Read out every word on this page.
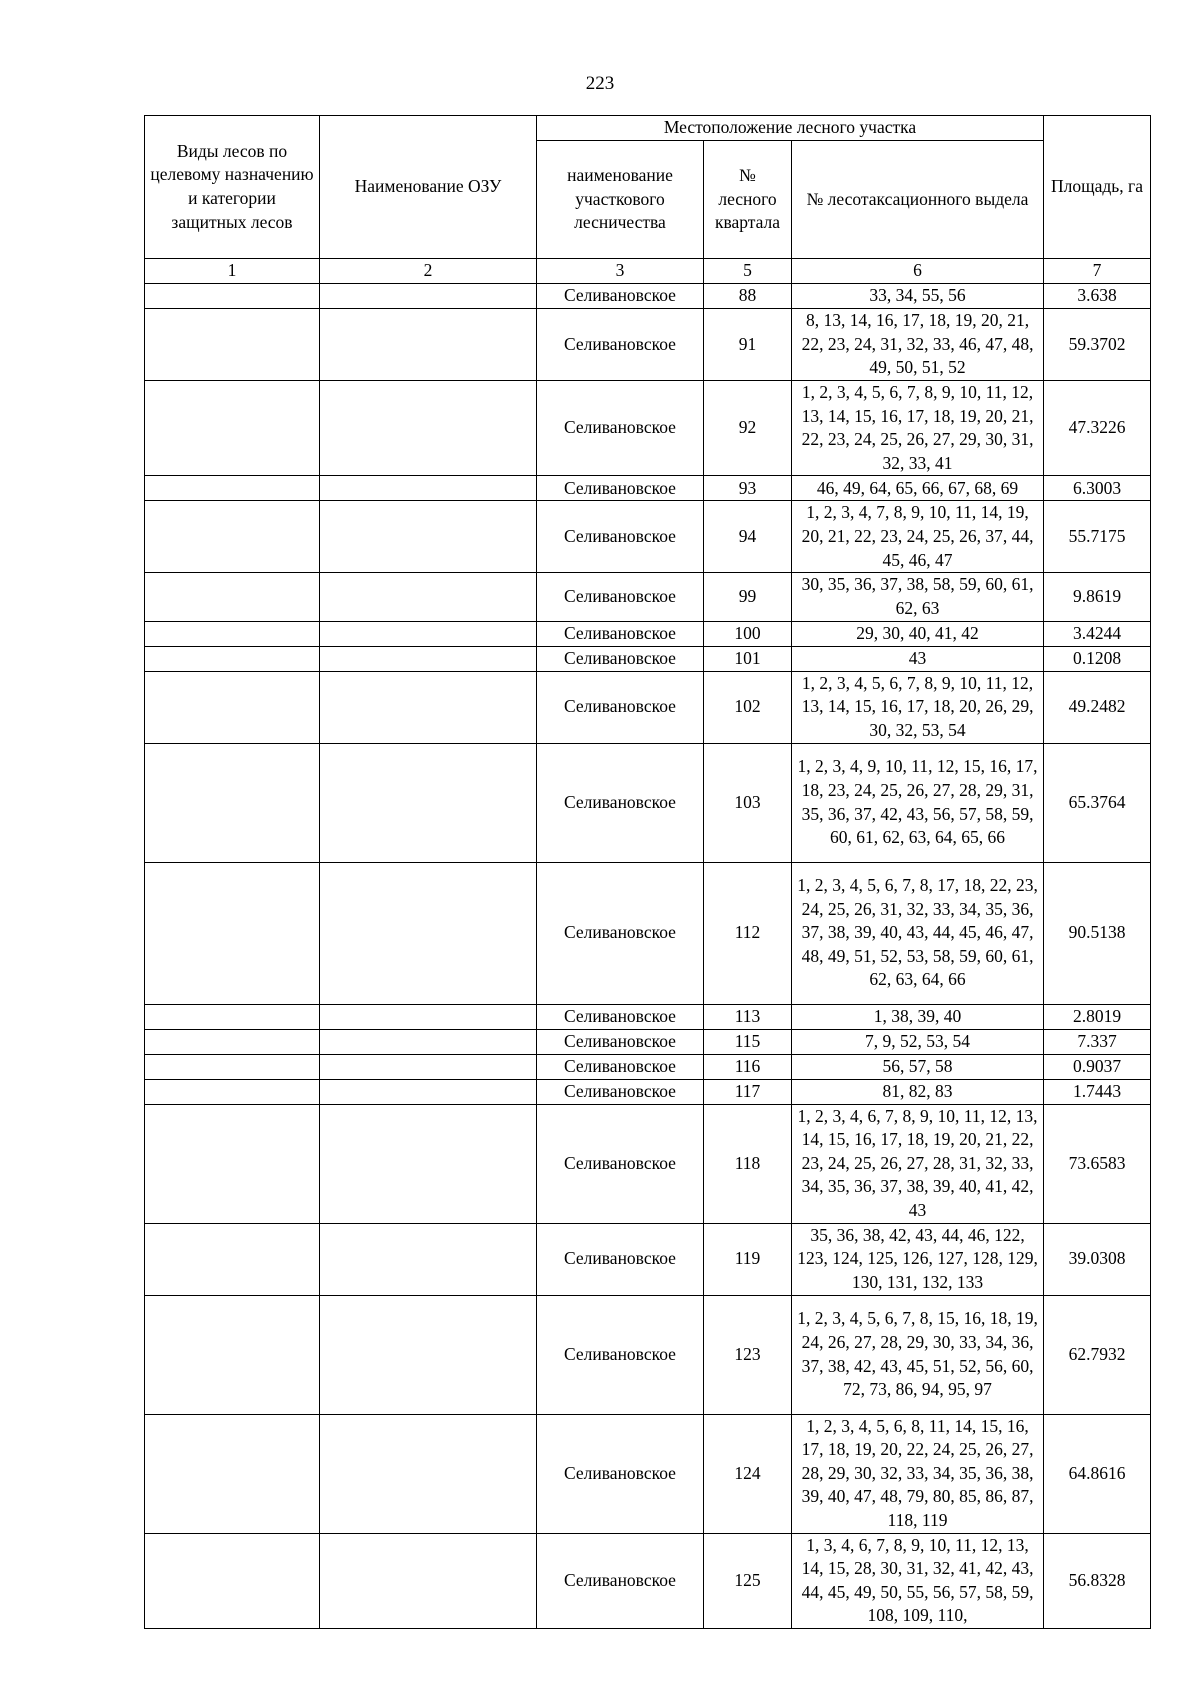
223
Виды лесов по целевому назначению и категории защитных лесов	Наименование ОЗУ	Местоположение лесного участка			Площадь, га
		наименование участкового лесничества	№ лесного квартала	№ лесотаксационного выдела	
1	2	3	5	6	7
		Селивановское	88	33, 34, 55, 56	3.638
		Селивановское	91	8, 13, 14, 16, 17, 18, 19, 20, 21, 22, 23, 24, 31, 32, 33, 46, 47, 48, 49, 50, 51, 52	59.3702
		Селивановское	92	1, 2, 3, 4, 5, 6, 7, 8, 9, 10, 11, 12, 13, 14, 15, 16, 17, 18, 19, 20, 21, 22, 23, 24, 25, 26, 27, 29, 30, 31, 32, 33, 41	47.3226
		Селивановское	93	46, 49, 64, 65, 66, 67, 68, 69	6.3003
		Селивановское	94	1, 2, 3, 4, 7, 8, 9, 10, 11, 14, 19, 20, 21, 22, 23, 24, 25, 26, 37, 44, 45, 46, 47	55.7175
		Селивановское	99	30, 35, 36, 37, 38, 58, 59, 60, 61, 62, 63	9.8619
		Селивановское	100	29, 30, 40, 41, 42	3.4244
		Селивановское	101	43	0.1208
		Селивановское	102	1, 2, 3, 4, 5, 6, 7, 8, 9, 10, 11, 12, 13, 14, 15, 16, 17, 18, 20, 26, 29, 30, 32, 53, 54	49.2482
		Селивановское	103	1, 2, 3, 4, 9, 10, 11, 12, 15, 16, 17, 18, 23, 24, 25, 26, 27, 28, 29, 31, 35, 36, 37, 42, 43, 56, 57, 58, 59, 60, 61, 62, 63, 64, 65, 66	65.3764
		Селивановское	112	1, 2, 3, 4, 5, 6, 7, 8, 17, 18, 22, 23, 24, 25, 26, 31, 32, 33, 34, 35, 36, 37, 38, 39, 40, 43, 44, 45, 46, 47, 48, 49, 51, 52, 53, 58, 59, 60, 61, 62, 63, 64, 66	90.5138
		Селивановское	113	1, 38, 39, 40	2.8019
		Селивановское	115	7, 9, 52, 53, 54	7.337
		Селивановское	116	56, 57, 58	0.9037
		Селивановское	117	81, 82, 83	1.7443
		Селивановское	118	1, 2, 3, 4, 6, 7, 8, 9, 10, 11, 12, 13, 14, 15, 16, 17, 18, 19, 20, 21, 22, 23, 24, 25, 26, 27, 28, 31, 32, 33, 34, 35, 36, 37, 38, 39, 40, 41, 42, 43	73.6583
		Селивановское	119	35, 36, 38, 42, 43, 44, 46, 122, 123, 124, 125, 126, 127, 128, 129, 130, 131, 132, 133	39.0308
		Селивановское	123	1, 2, 3, 4, 5, 6, 7, 8, 15, 16, 18, 19, 24, 26, 27, 28, 29, 30, 33, 34, 36, 37, 38, 42, 43, 45, 51, 52, 56, 60, 72, 73, 86, 94, 95, 97	62.7932
		Селивановское	124	1, 2, 3, 4, 5, 6, 8, 11, 14, 15, 16, 17, 18, 19, 20, 22, 24, 25, 26, 27, 28, 29, 30, 32, 33, 34, 35, 36, 38, 39, 40, 47, 48, 79, 80, 85, 86, 87, 118, 119	64.8616
		Селивановское	125	1, 3, 4, 6, 7, 8, 9, 10, 11, 12, 13, 14, 15, 28, 30, 31, 32, 41, 42, 43, 44, 45, 49, 50, 55, 56, 57, 58, 59, 108, 109, 110,	56.8328
